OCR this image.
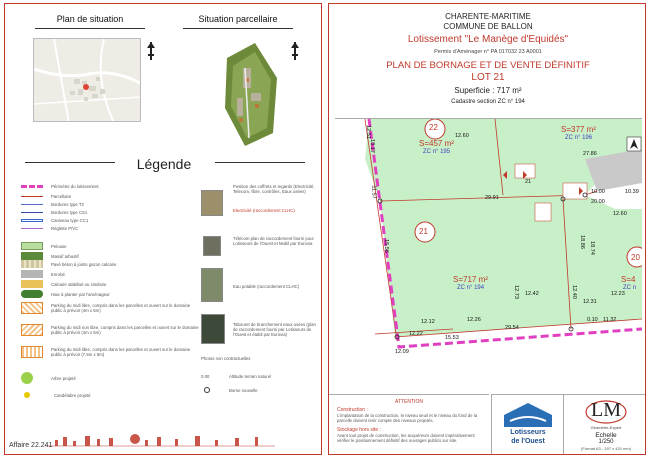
Plan de situation	Situation parcellaire
Légende
Position des coffrets et regards (Electricité, Telecom, fibre, contrôles, Eaux usées)
Electricité (raccordement CLHC)
Télécom plan de raccordement fourni pour Lotisseurs de l'Ouest et Mobil par Eurovia
Eau potable (raccordement CLHC)
Tabouret de branchement eaux usées (plan de raccordement fourni par Lotisseurs de l'Ouest et établi par Eurovia)
Photos non contractuelles
0.00	Altitude terrain naturel
Borne nouvelle
Affaire 22.241
Périmètre du lotissement
Parcellaire
Bordures type T2
Bordures type CS1
Caniveau type CC1
Réglette P/VC
Pelouse
Massif arbustif
Pavé béton à joints gazon calcaire
Enrobé
Calcaire stabilisé ou similaire
Haie à planter par l'aménageur
Parking du midi libre, compris dans les parcelles et ouvert sur le domaine public à prévoir (4m x 5m)
Parking du midi non libre, compris dans les parcelles et ouvert sur le domaine public à prévoir (4m x 5m)
Parking du midi libre, compris dans les parcelles et ouvert sur le domaine public à prévoir (7.5m x 5m)
Arbre projeté
Candélabre projeté
CHARENTE-MARITIME
COMMUNE DE BALLON
Lotissement "Le Manège d'Equidés"
Permis d'Aménager n° PA 017032 23 A0001
PLAN DE BORNAGE ET DE VENTE DÉFINITIF
LOT 21
Superficie : 717 m²
Cadastre section ZC n° 194
22
S=457 m²
ZC n° 195
S=377 m²
ZC n° 196
21
S=717 m²
ZC n° 194
20
S=4
ZC n
12.60
27.86
29.91
29.54
15.56
18.17
18.86 18.74
12.40
12.31
12.23
12.12
12.22
12.26	11.32
0.10
12.60
10.00
20.00
15.53
12.09
21
11.57	10.39
12.51
12.73 12.42
ATTENTION
Construction :
L'implantation de la construction, le niveau seuil et le niveau du fond de la parcelle doivent tenir compte des niveaux projetés.
Stockage hors site :
Avant tout projet de construction, les acquéreurs doivent impérativement vérifier le positionnement définitif des ouvrages publics sur site.
Lotisseurs
de l'Ouest
LM
Géomètre-Expert
Echelle
1/250
(Format A3 - 297 x 420 mm)
